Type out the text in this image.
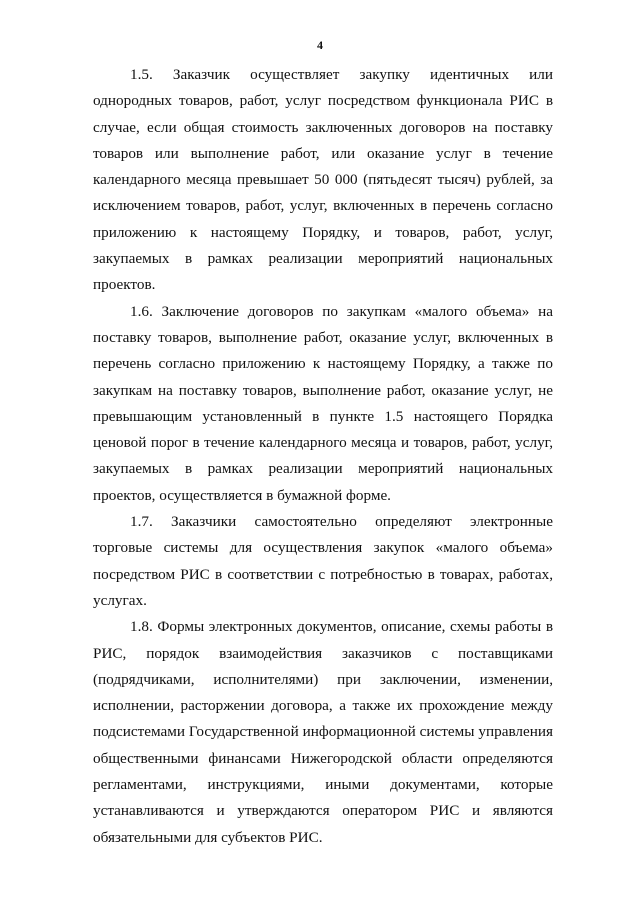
4

1.5. Заказчик осуществляет закупку идентичных или однородных товаров, работ, услуг посредством функционала РИС в случае, если общая стоимость заключенных договоров на поставку товаров или выполнение работ, или оказание услуг в течение календарного месяца превышает 50 000 (пятьдесят тысяч) рублей, за исключением товаров, работ, услуг, включенных в перечень согласно приложению к настоящему Порядку, и товаров, работ, услуг, закупаемых в рамках реализации мероприятий национальных проектов.

1.6. Заключение договоров по закупкам «малого объема» на поставку товаров, выполнение работ, оказание услуг, включенных в перечень согласно приложению к настоящему Порядку, а также по закупкам на поставку товаров, выполнение работ, оказание услуг, не превышающим установленный в пункте 1.5 настоящего Порядка ценовой порог в течение календарного месяца и товаров, работ, услуг, закупаемых в рамках реализации мероприятий национальных проектов, осуществляется в бумажной форме.

1.7. Заказчики самостоятельно определяют электронные торговые системы для осуществления закупок «малого объема» посредством РИС в соответствии с потребностью в товарах, работах, услугах.

1.8. Формы электронных документов, описание, схемы работы в РИС, порядок взаимодействия заказчиков с поставщиками (подрядчиками, исполнителями) при заключении, изменении, исполнении, расторжении договора, а также их прохождение между подсистемами Государственной информационной системы управления общественными финансами Нижегородской области определяются регламентами, инструкциями, иными документами, которые устанавливаются и утверждаются оператором РИС и являются обязательными для субъектов РИС.
